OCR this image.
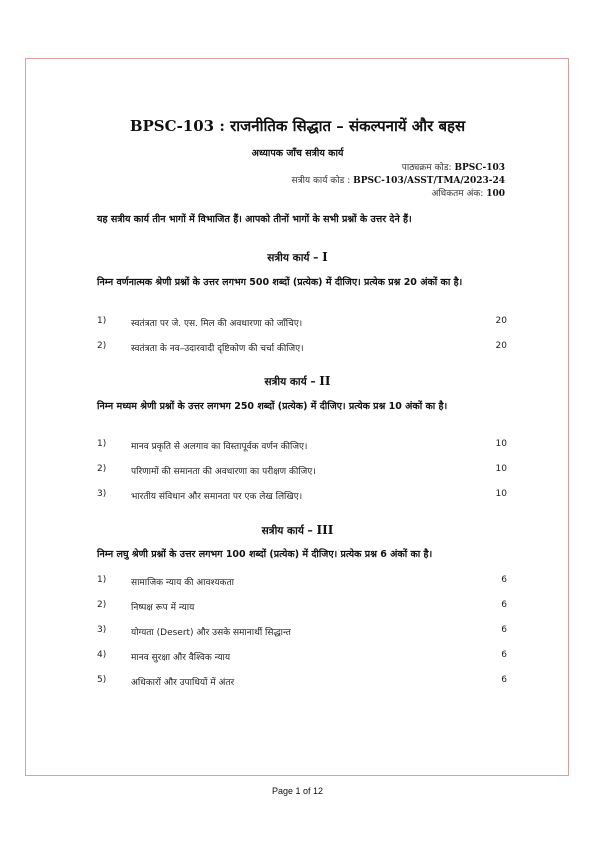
BPSC-103 : राजनीतिक सिद्धात – संकल्पनायें और बहस
अध्यापक जाँच सत्रीय कार्य
पाठ्यक्रम कोड: BPSC-103
सत्रीय कार्य कोड : BPSC-103/ASST/TMA/2023-24
अधिकतम अंक: 100
यह सत्रीय कार्य तीन भागों में विभाजित हैं। आपको तीनों भागों के सभी प्रश्नों के उत्तर देने हैं।
सत्रीय कार्य – I
निम्न वर्णनात्मक श्रेणी प्रश्नों के उत्तर लगभग 500 शब्दों (प्रत्येक) में दीजिए। प्रत्येक प्रश्न 20 अंकों का है।
1)	स्वतंत्रता पर जे. एस. मिल की अवधारणा को जाँचिए।	20
2)	स्वतंत्रता के नव–उदारवादी दृष्टिकोण की चर्चा कीजिए।	20
सत्रीय कार्य – II
निम्न मध्यम श्रेणी प्रश्नों के उत्तर लगभग 250 शब्दों (प्रत्येक) में दीजिए। प्रत्येक प्रश्न 10 अंकों का है।
1)	मानव प्रकृति से अलगाव का विस्तापूर्वक वर्णन कीजिए।	10
2)	परिणामों की समानता की अवधारणा का परीक्षण कीजिए।	10
3)	भारतीय संविधान और समानता पर एक लेख लिखिए।	10
सत्रीय कार्य – III
निम्न लघु श्रेणी प्रश्नों के उत्तर लगभग 100 शब्दों (प्रत्येक) में दीजिए। प्रत्येक प्रश्न 6 अंकों का है।
1)	सामाजिक न्याय की आवश्यकता	6
2)	निष्पक्ष रूप में न्याय	6
3)	योग्यता (Desert) और उसके समानार्थी सिद्धान्त	6
4)	मानव सुरक्षा और वैश्विक न्याय	6
5)	अधिकारों और उपाधियों में अंतर	6
Page 1 of 12
